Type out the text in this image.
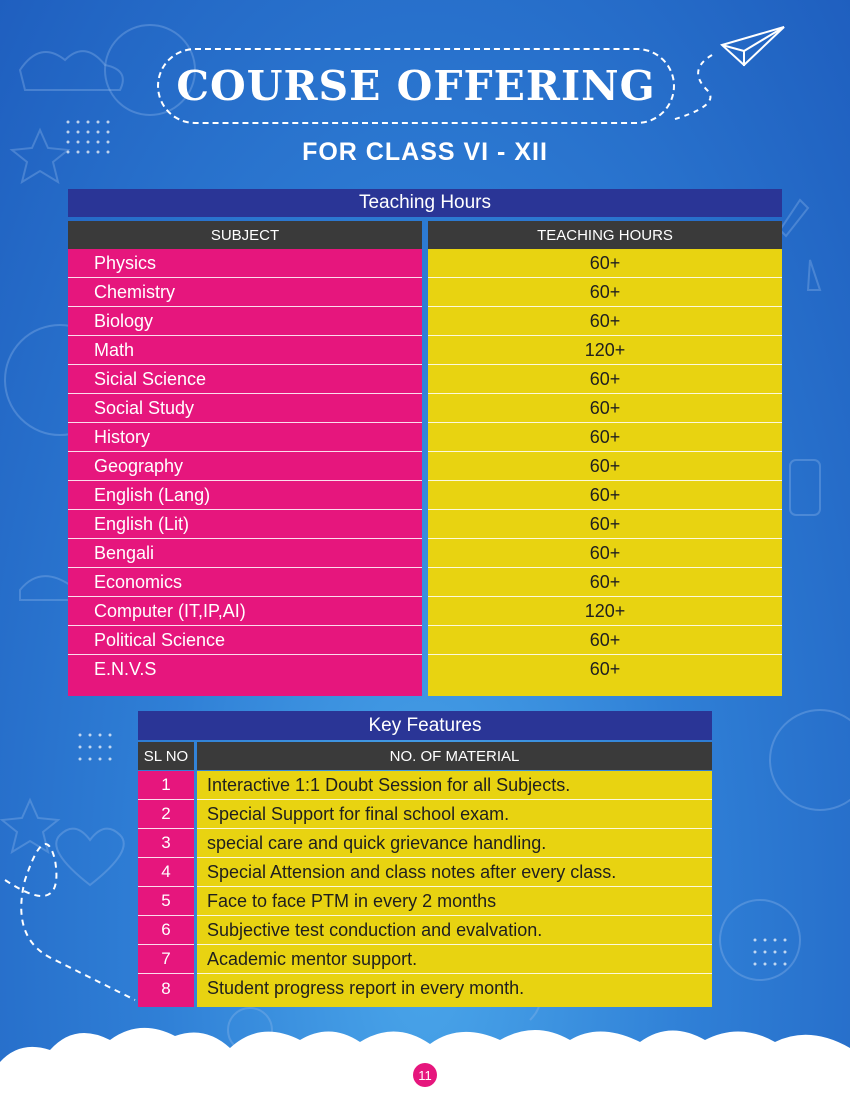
COURSE OFFERING
FOR CLASS VI - XII
Teaching Hours
SUBJECT	TEACHING HOURS
Physics
Chemistry
Biology
Math
Sicial Science
Social Study
History
Geography
English (Lang)
English (Lit)
Bengali
Economics
Computer (IT,IP,AI)
Political Science
E.N.V.S
60+
60+
60+
120+
60+
60+
60+
60+
60+
60+
60+
60+
120+
60+
60+
Key Features
SL NO	NO. OF MATERIAL
1
2
3
4
5
6
7
8
Interactive 1:1 Doubt Session for all Subjects.
Special Support for final school exam.
special care and quick grievance handling.
Special Attension and class notes after every class.
Face to face PTM in every 2 months
Subjective test conduction and evalvation.
Academic mentor support.
Student progress report in every month.
11
